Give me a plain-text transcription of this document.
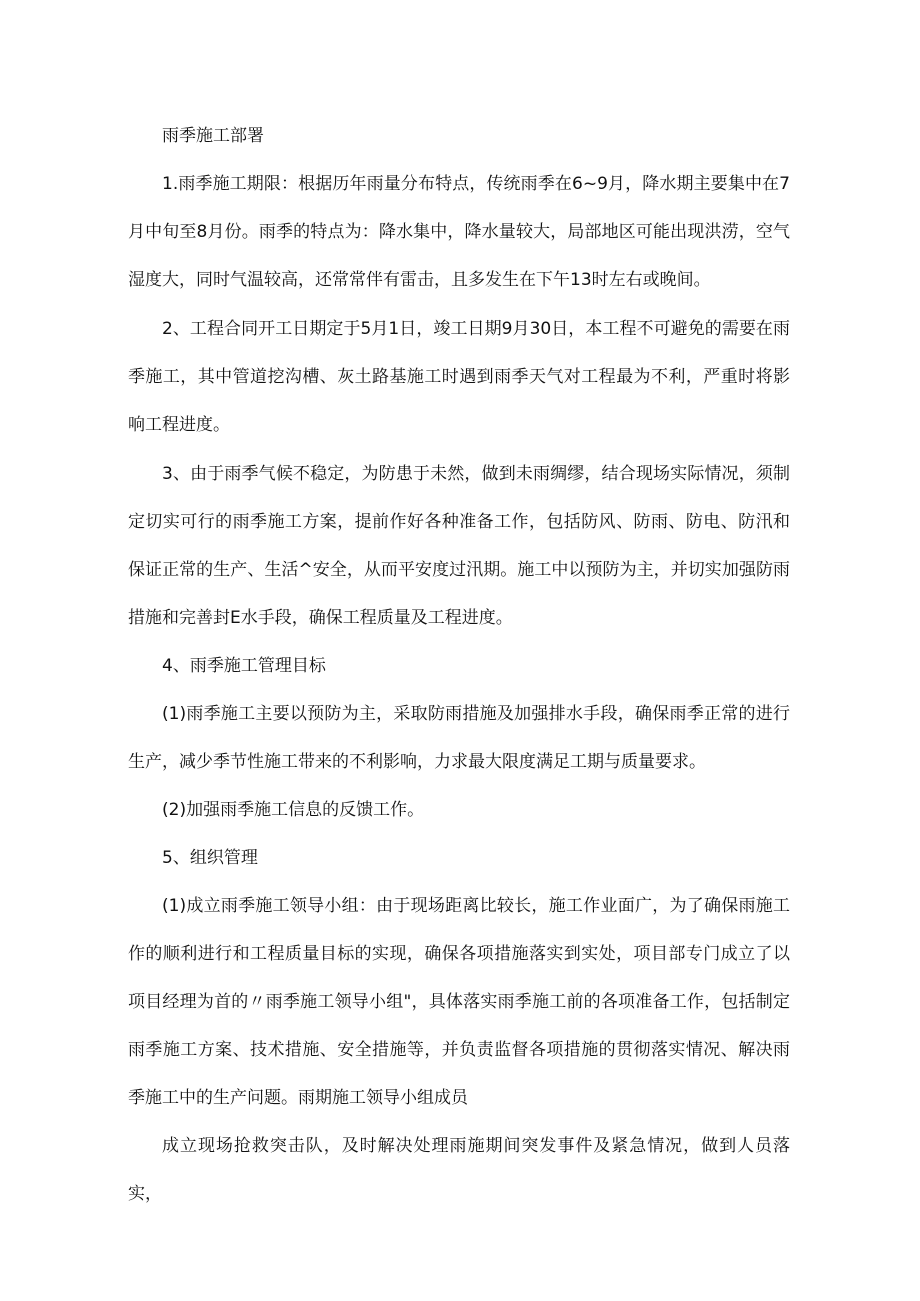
雨季施工部署

1.雨季施工期限：根据历年雨量分布特点，传统雨季在6~9月，降水期主要集中在7月中旬至8月份。雨季的特点为：降水集中，降水量较大，局部地区可能出现洪涝，空气湿度大，同时气温较高，还常常伴有雷击，且多发生在下午13时左右或晚间。

2、工程合同开工日期定于5月1日，竣工日期9月30日，本工程不可避免的需要在雨季施工，其中管道挖沟槽、灰土路基施工时遇到雨季天气对工程最为不利，严重时将影响工程进度。

3、由于雨季气候不稳定，为防患于未然，做到未雨绸缪，结合现场实际情况，须制定切实可行的雨季施工方案，提前作好各种准备工作，包括防风、防雨、防电、防汛和保证正常的生产、生活^安全，从而平安度过汛期。施工中以预防为主，并切实加强防雨措施和完善封E水手段，确保工程质量及工程进度。

4、雨季施工管理目标

(1)雨季施工主要以预防为主，采取防雨措施及加强排水手段，确保雨季正常的进行生产，减少季节性施工带来的不利影响，力求最大限度满足工期与质量要求。

(2)加强雨季施工信息的反馈工作。

5、组织管理

(1)成立雨季施工领导小组：由于现场距离比较长，施工作业面广，为了确保雨施工作的顺利进行和工程质量目标的实现，确保各项措施落实到实处，项目部专门成立了以项目经理为首的〃雨季施工领导小组"，具体落实雨季施工前的各项准备工作，包括制定雨季施工方案、技术措施、安全措施等，并负责监督各项措施的贯彻落实情况、解决雨季施工中的生产问题。雨期施工领导小组成员

成立现场抢救突击队，及时解决处理雨施期间突发事件及紧急情况，做到人员落实，
